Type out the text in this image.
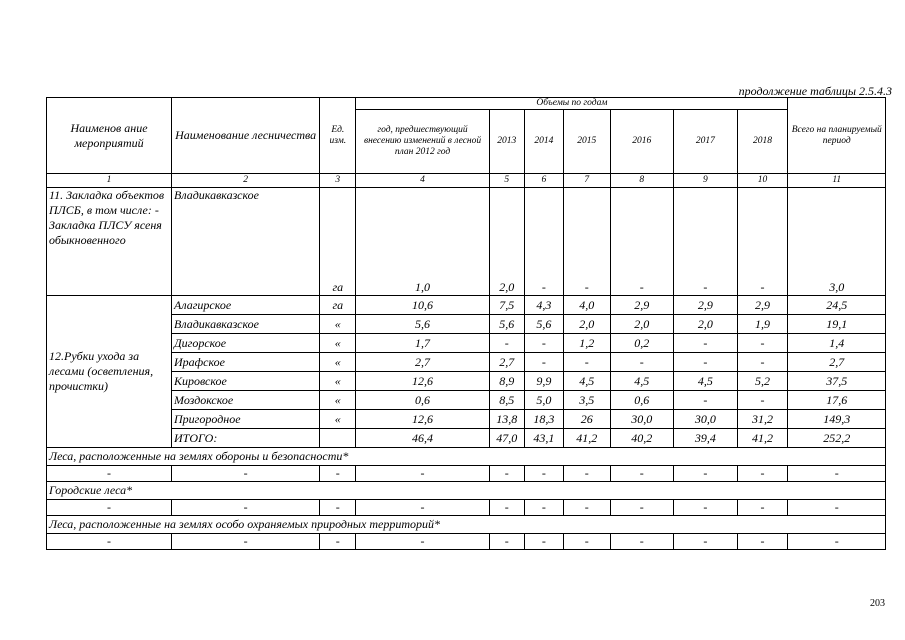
продолжение таблицы 2.5.4.3
Наименов ание мероприятий	Наименование лесничества	Ед. изм.	Объемы по годам							Всего на планируемый период
			год, предшествующий внесению изменений в лесной план 2012 год	2013	2014	2015	2016	2017	2018	
1	2	3	4	5	6	7	8	9	10	11
11. Закладка объектов ПЛСБ, в том числе: - Закладка ПЛСУ ясеня обыкновенного	Владикавказское	га	1,0	2,0	-	-	-	-	-	3,0
12.Рубки ухода за лесами (осветления, прочистки)	Алагирское	га	10,6	7,5	4,3	4,0	2,9	2,9	2,9	24,5
	Владикавказское	«	5,6	5,6	5,6	2,0	2,0	2,0	1,9	19,1
	Дигорское	«	1,7	-	-	1,2	0,2	-	-	1,4
	Ирафское	«	2,7	2,7	-	-	-	-	-	2,7
	Кировское	«	12,6	8,9	9,9	4,5	4,5	4,5	5,2	37,5
	Моздокское	«	0,6	8,5	5,0	3,5	0,6	-	-	17,6
	Пригородное	«	12,6	13,8	18,3	26	30,0	30,0	31,2	149,3
	ИТОГО:		46,4	47,0	43,1	41,2	40,2	39,4	41,2	252,2
Леса, расположенные на землях обороны и безопасности*										
-	-	-	-	-	-	-	-	-	-	-
Городские леса*										
-	-	-	-	-	-	-	-	-	-	-
Леса, расположенные на землях особо охраняемых природных территорий*										
-	-	-	-	-	-	-	-	-	-	-
203
